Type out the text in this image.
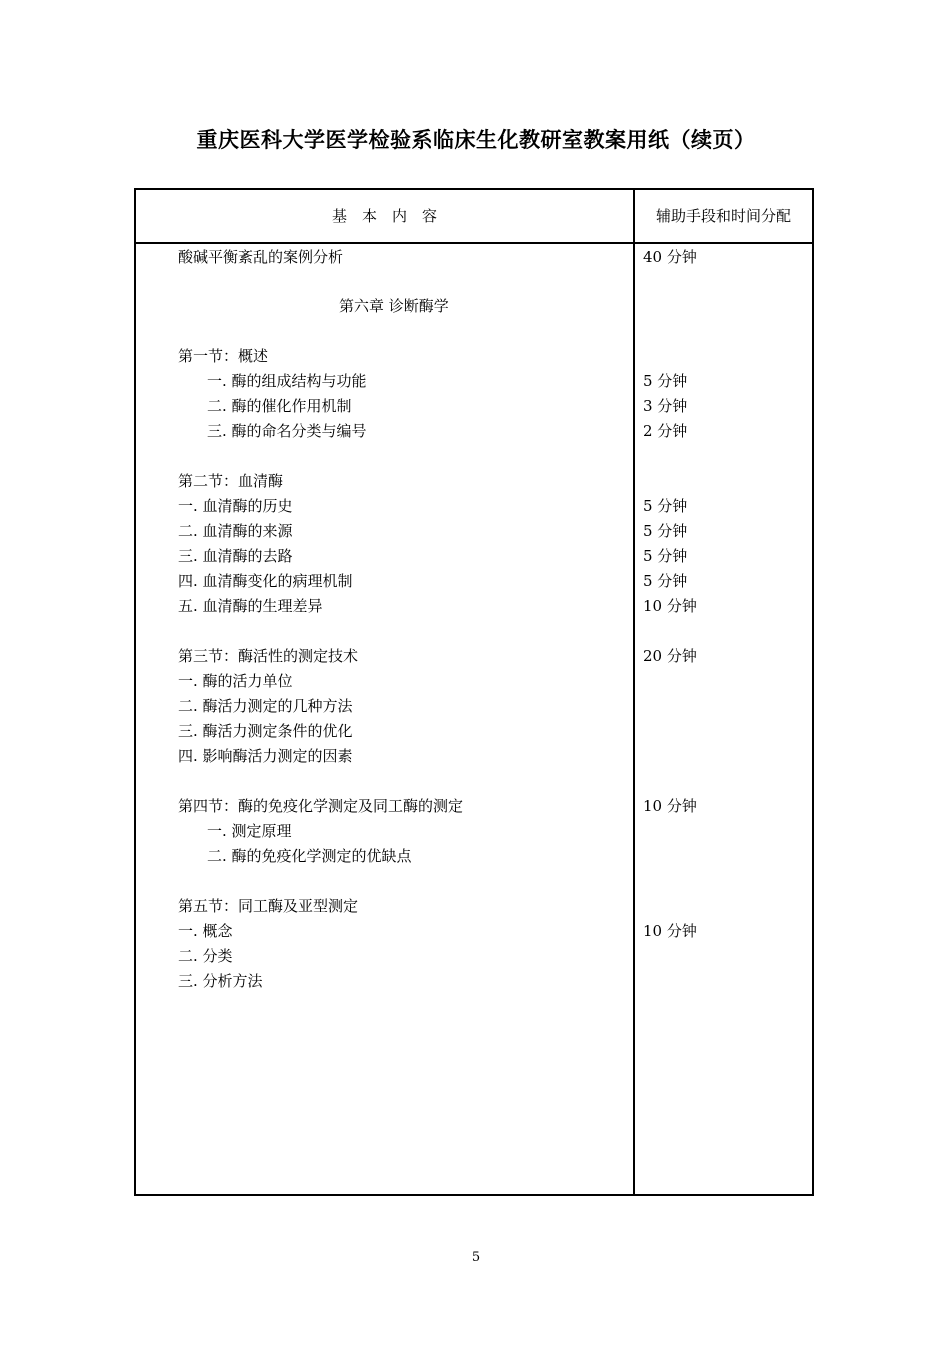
重庆医科大学医学检验系临床生化教研室教案用纸（续页）
基　本　内　容	辅助手段和时间分配
酸碱平衡紊乱的案例分析	40 分钟
第六章 诊断酶学
第一节：概述
一. 酶的组成结构与功能	5 分钟
二. 酶的催化作用机制	3 分钟
三. 酶的命名分类与编号	2 分钟
第二节：血清酶
一. 血清酶的历史	5 分钟
二. 血清酶的来源	5 分钟
三. 血清酶的去路	5 分钟
四. 血清酶变化的病理机制	5 分钟
五. 血清酶的生理差异	10 分钟
第三节：酶活性的测定技术	20 分钟
一. 酶的活力单位
二. 酶活力测定的几种方法
三. 酶活力测定条件的优化
四. 影响酶活力测定的因素
第四节：酶的免疫化学测定及同工酶的测定	10 分钟
一. 测定原理
二. 酶的免疫化学测定的优缺点
第五节：同工酶及亚型测定
一. 概念	10 分钟
二. 分类
三. 分析方法
5
